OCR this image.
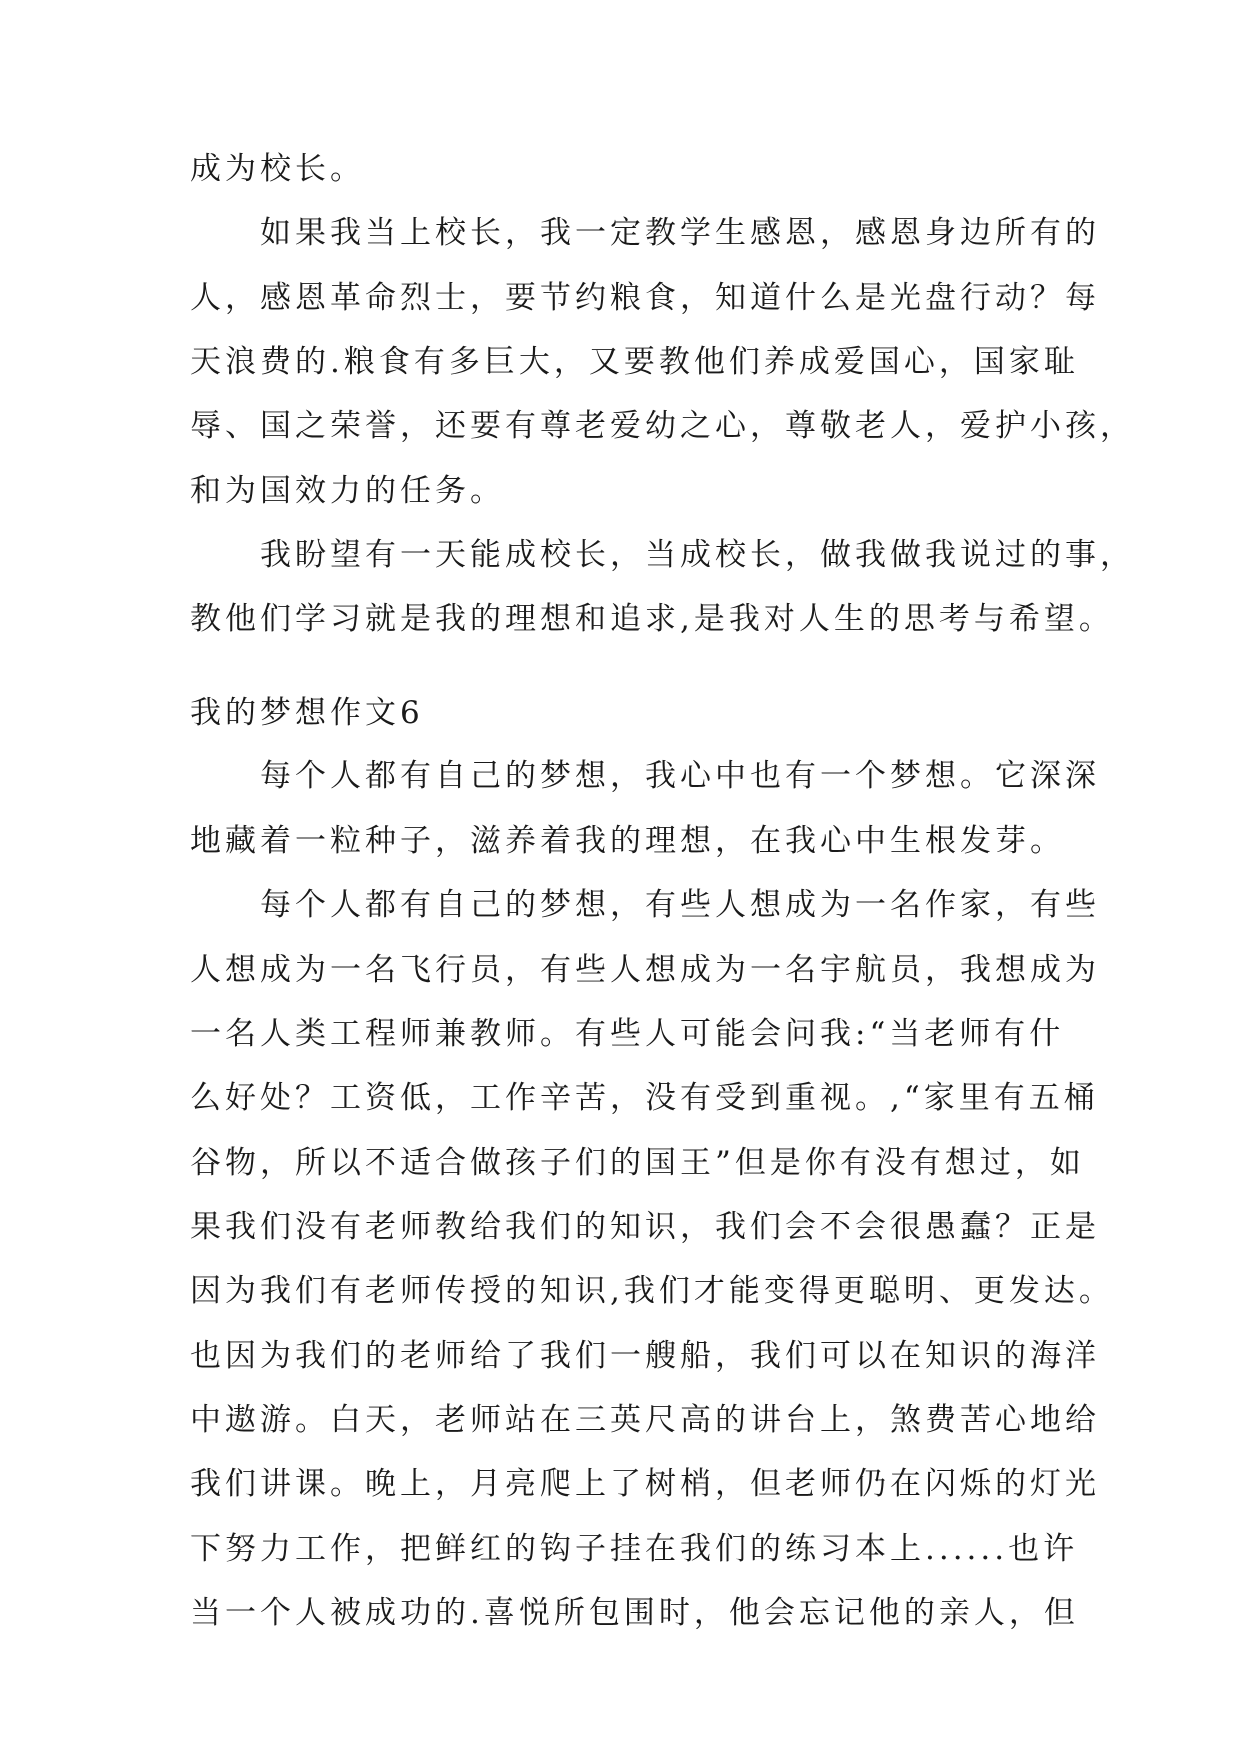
成为校长。
　　如果我当上校长，我一定教学生感恩，感恩身边所有的
人，感恩革命烈士，要节约粮食，知道什么是光盘行动？每
天浪费的.粮食有多巨大，又要教他们养成爱国心，国家耻
辱、国之荣誉，还要有尊老爱幼之心，尊敬老人，爱护小孩，
和为国效力的任务。
　　我盼望有一天能成校长，当成校长，做我做我说过的事，
教他们学习就是我的理想和追求,是我对人生的思考与希望。
我的梦想作文6
　　每个人都有自己的梦想，我心中也有一个梦想。它深深
地藏着一粒种子，滋养着我的理想，在我心中生根发芽。
　　每个人都有自己的梦想，有些人想成为一名作家，有些
人想成为一名飞行员，有些人想成为一名宇航员，我想成为
一名人类工程师兼教师。有些人可能会问我:“当老师有什
么好处？工资低，工作辛苦，没有受到重视。,“家里有五桶
谷物，所以不适合做孩子们的国王”但是你有没有想过，如
果我们没有老师教给我们的知识，我们会不会很愚蠢？正是
因为我们有老师传授的知识,我们才能变得更聪明、更发达。
也因为我们的老师给了我们一艘船，我们可以在知识的海洋
中遨游。白天，老师站在三英尺高的讲台上，煞费苦心地给
我们讲课。晚上，月亮爬上了树梢，但老师仍在闪烁的灯光
下努力工作，把鲜红的钩子挂在我们的练习本上......也许
当一个人被成功的.喜悦所包围时，他会忘记他的亲人，但
